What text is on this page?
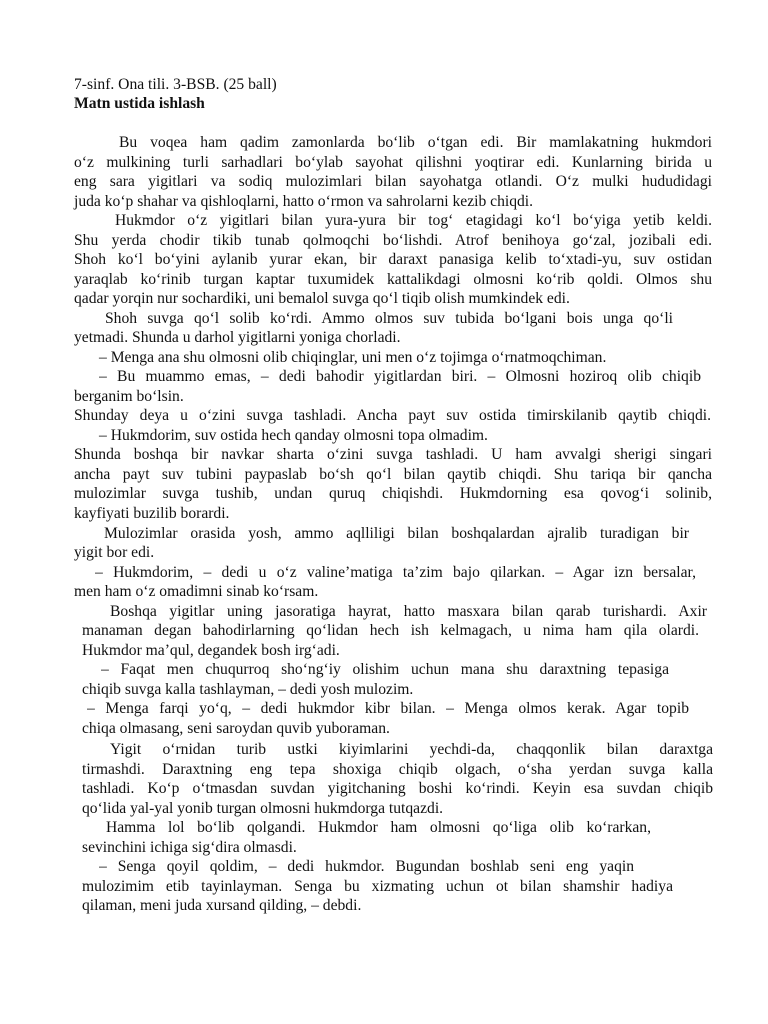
7-sinf. Ona tili. 3-BSB. (25 ball)
Matn ustida ishlash
Bu voqea ham qadim zamonlarda bo‘lib o‘tgan edi. Bir mamlakatning hukmdori
o‘z mulkining turli sarhadlari bo‘ylab sayohat qilishni yoqtirar edi. Kunlarning birida u
eng sara yigitlari va sodiq mulozimlari bilan sayohatga otlandi. O‘z mulki hududidagi
juda ko‘p shahar va qishloqlarni, hatto o‘rmon va sahrolarni kezib chiqdi.
Hukmdor o‘z yigitlari bilan yura-yura bir tog‘ etagidagi ko‘l bo‘yiga yetib keldi.
Shu yerda chodir tikib tunab qolmoqchi bo‘lishdi. Atrof benihoya go‘zal, jozibali edi.
Shoh ko‘l bo‘yini aylanib yurar ekan, bir daraxt panasiga kelib to‘xtadi-yu, suv ostidan
yaraqlab ko‘rinib turgan kaptar tuxumidek kattalikdagi olmosni ko‘rib qoldi. Olmos shu
qadar yorqin nur sochardiki, uni bemalol suvga qo‘l tiqib olish mumkindek edi.
Shoh suvga qo‘l solib ko‘rdi. Ammo olmos suv tubida bo‘lgani bois unga qo‘li
yetmadi. Shunda u darhol yigitlarni yoniga chorladi.
– Menga ana shu olmosni olib chiqinglar, uni men o‘z tojimga o‘rnatmoqchiman.
– Bu muammo emas, – dedi bahodir yigitlardan biri. – Olmosni hoziroq olib chiqib
berganim bo‘lsin.
Shunday deya u o‘zini suvga tashladi. Ancha payt suv ostida timirskilanib qaytib chiqdi.
– Hukmdorim, suv ostida hech qanday olmosni topa olmadim.
Shunda boshqa bir navkar sharta o‘zini suvga tashladi. U ham avvalgi sherigi singari
ancha payt suv tubini paypaslab bo‘sh qo‘l bilan qaytib chiqdi. Shu tariqa bir qancha
mulozimlar suvga tushib, undan quruq chiqishdi. Hukmdorning esa qovog‘i solinib,
kayfiyati buzilib borardi.
Mulozimlar orasida yosh, ammo aqlliligi bilan boshqalardan ajralib turadigan bir
yigit bor edi.
– Hukmdorim, – dedi u o‘z valine’matiga ta’zim bajo qilarkan. – Agar izn bersalar,
men ham o‘z omadimni sinab ko‘rsam.
Boshqa yigitlar uning jasoratiga hayrat, hatto masxara bilan qarab turishardi. Axir
manaman degan bahodirlarning qo‘lidan hech ish kelmagach, u nima ham qila olardi.
Hukmdor ma’qul, degandek bosh irg‘adi.
– Faqat men chuqurroq sho‘ng‘iy olishim uchun mana shu daraxtning tepasiga
chiqib suvga kalla tashlayman, – dedi yosh mulozim.
– Menga farqi yo‘q, – dedi hukmdor kibr bilan. – Menga olmos kerak. Agar topib
chiqa olmasang, seni saroydan quvib yuboraman.
Yigit o‘rnidan turib ustki kiyimlarini yechdi-da, chaqqonlik bilan daraxtga
tirmashdi. Daraxtning eng tepa shoxiga chiqib olgach, o‘sha yerdan suvga kalla
tashladi. Ko‘p o‘tmasdan suvdan yigitchaning boshi ko‘rindi. Keyin esa suvdan chiqib
qo‘lida yal-yal yonib turgan olmosni hukmdorga tutqazdi.
Hamma lol bo‘lib qolgandi. Hukmdor ham olmosni qo‘liga olib ko‘rarkan,
sevinchini ichiga sig‘dira olmasdi.
– Senga qoyil qoldim, – dedi hukmdor. Bugundan boshlab seni eng yaqin
mulozimim etib tayinlayman. Senga bu xizmating uchun ot bilan shamshir hadiya
qilaman, meni juda xursand qilding, – debdi.
